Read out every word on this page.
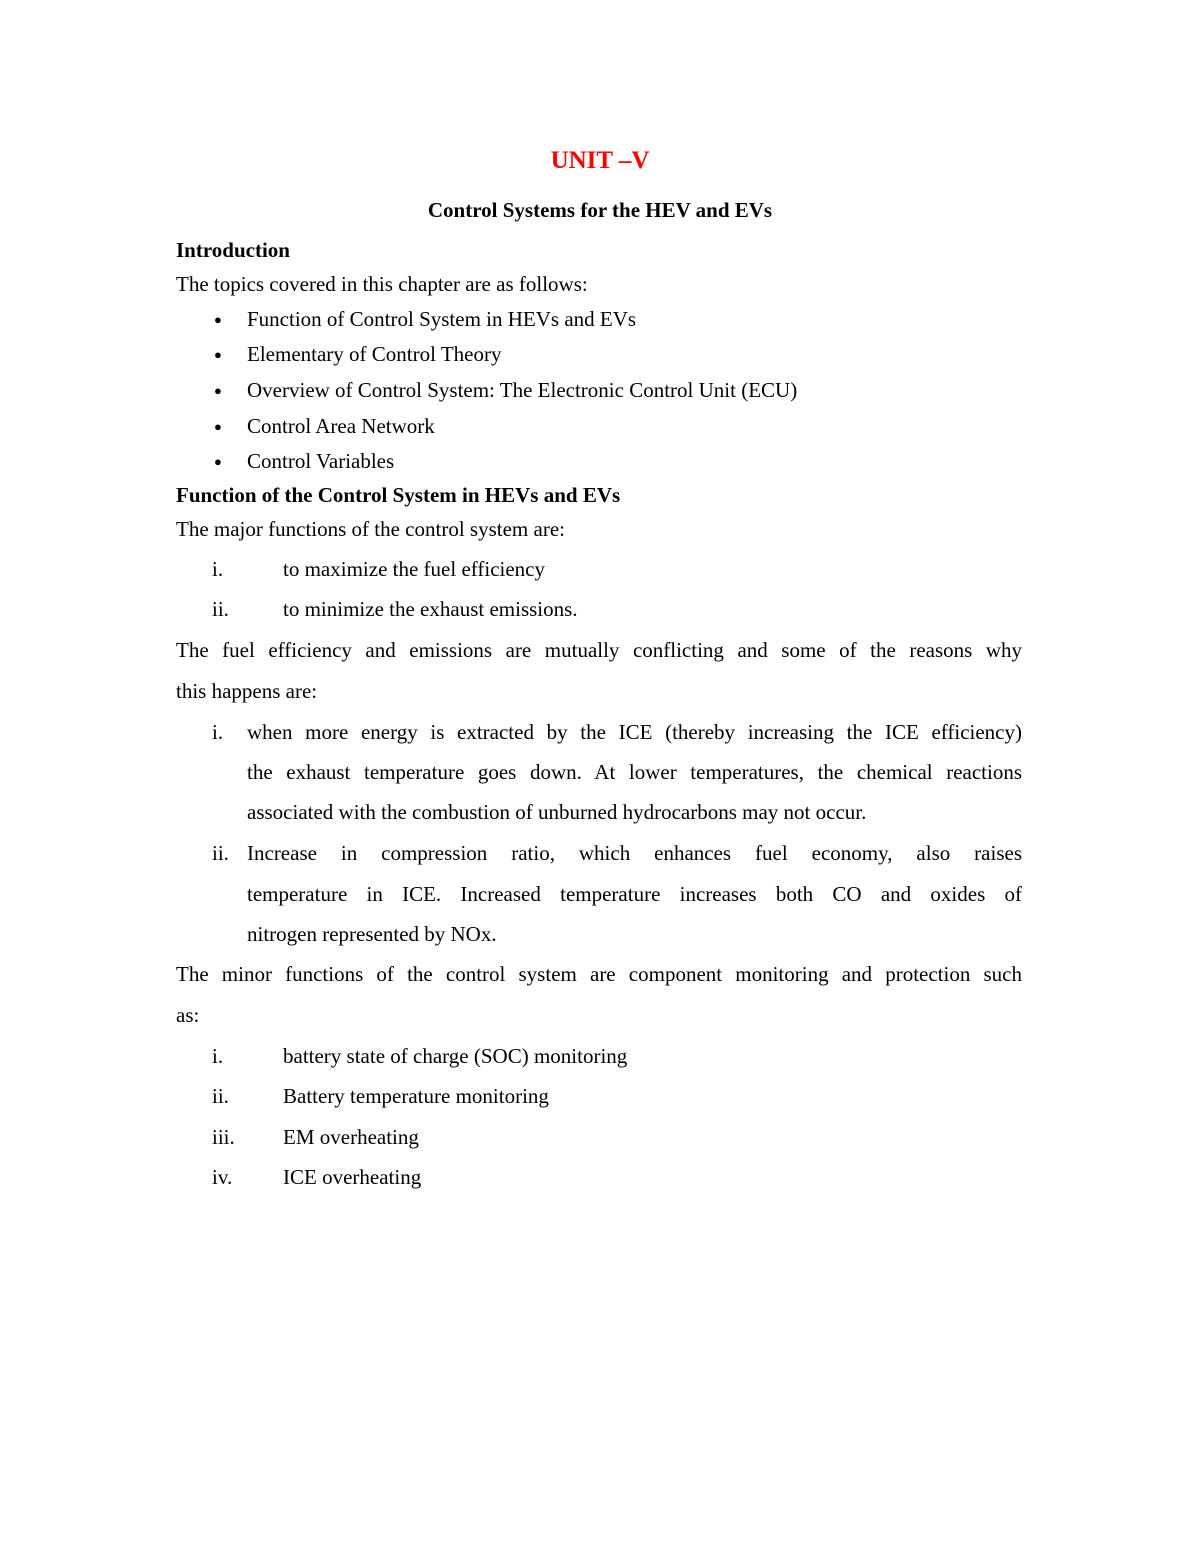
UNIT –V
Control Systems for the HEV and EVs
Introduction
The topics covered in this chapter are as follows:
● Function of Control System in HEVs and EVs
● Elementary of Control Theory
● Overview of Control System: The Electronic Control Unit (ECU)
● Control Area Network
● Control Variables
Function of the Control System in HEVs and EVs
The major functions of the control system are:
i.	to maximize the fuel efficiency
ii.	to minimize the exhaust emissions.
The fuel efficiency and emissions are mutually conflicting and some of the reasons why
this happens are:
i. when more energy is extracted by the ICE (thereby increasing the ICE efficiency)
the exhaust temperature goes down. At lower temperatures, the chemical reactions
associated with the combustion of unburned hydrocarbons may not occur.
ii. Increase in compression ratio, which enhances fuel economy, also raises
temperature in ICE. Increased temperature increases both CO and oxides of
nitrogen represented by NOx.
The minor functions of the control system are component monitoring and protection such
as:
i.	battery state of charge (SOC) monitoring
ii.	Battery temperature monitoring
iii. EM overheating
iv. ICE overheating
